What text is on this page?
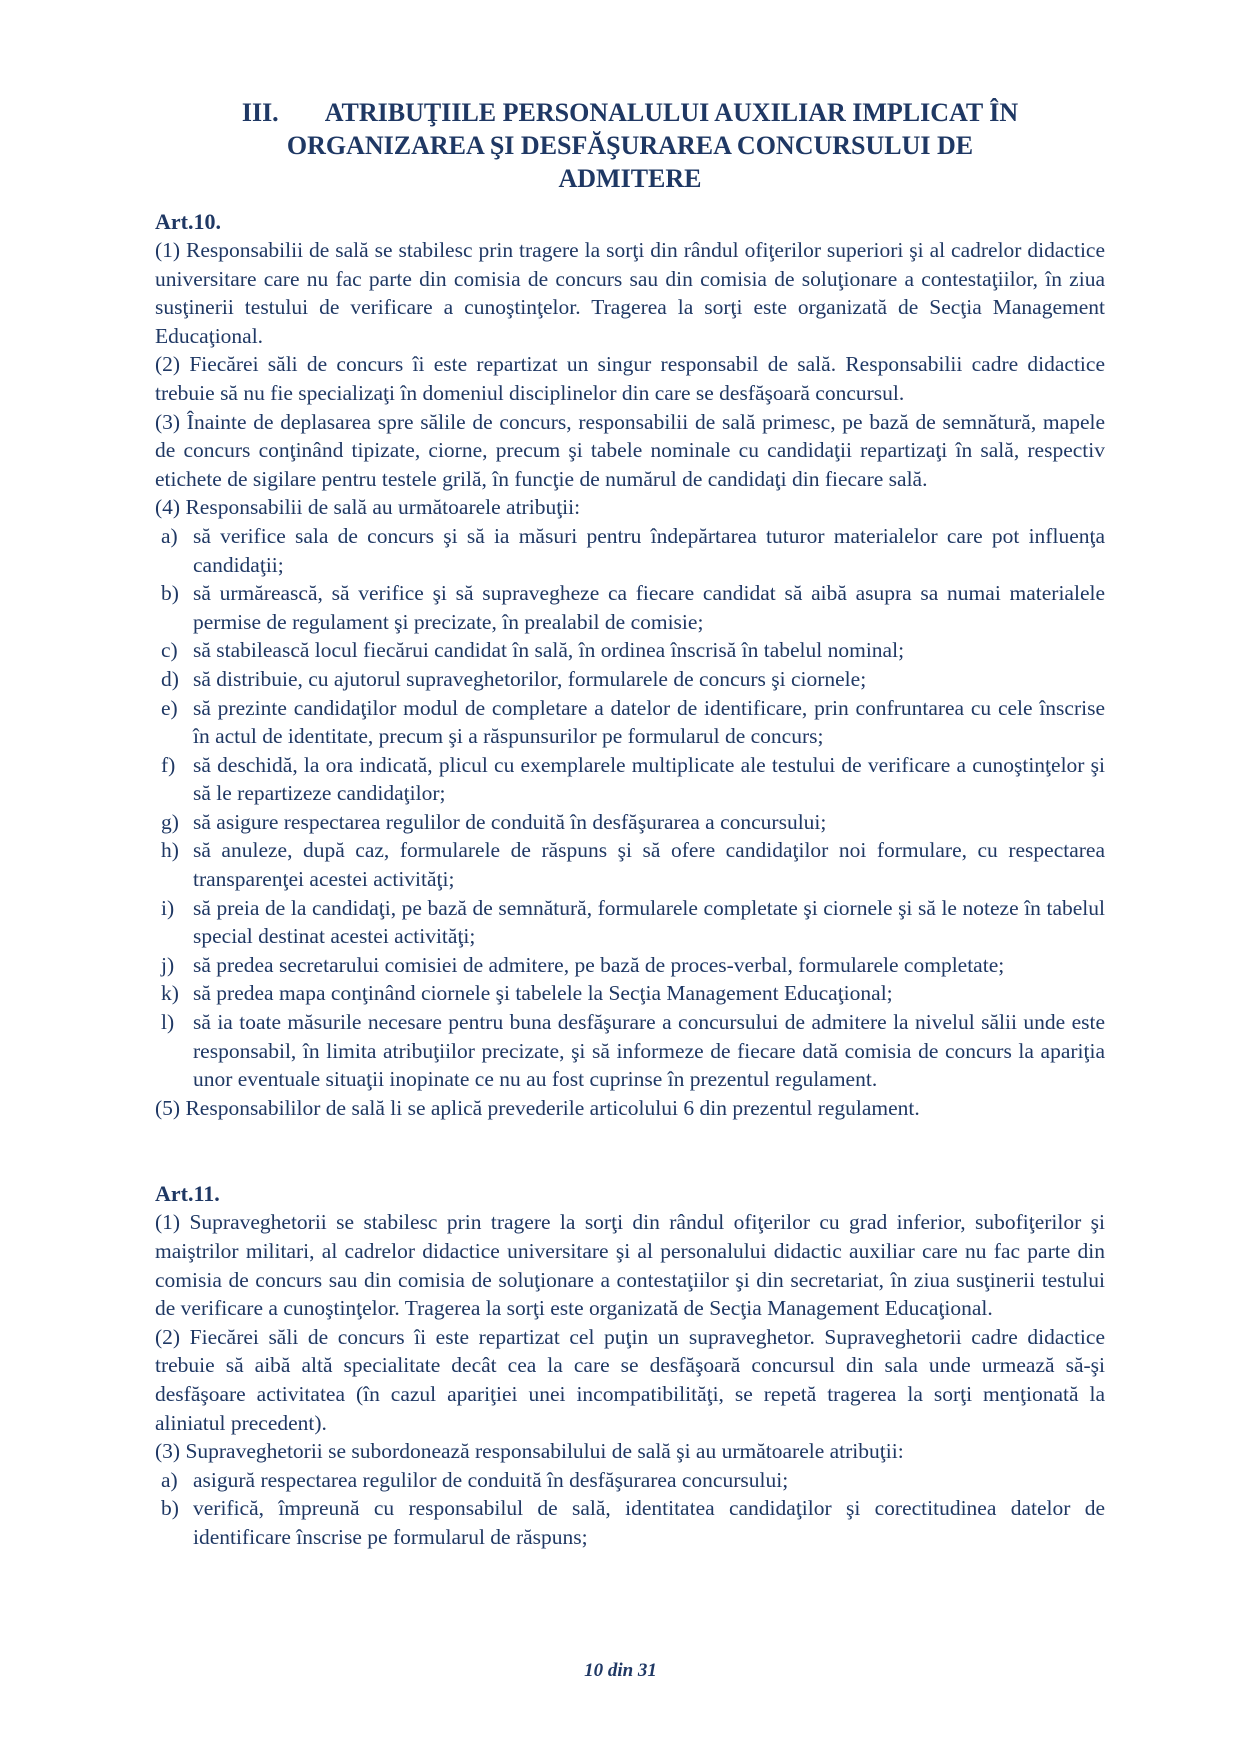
III. ATRIBUŢIILE PERSONALULUI AUXILIAR IMPLICAT ÎN
ORGANIZAREA ŞI DESFĂŞURAREA CONCURSULUI DE
ADMITERE

Art.10.

(1) Responsabilii de sală se stabilesc prin tragere la sorţi din rândul ofiţerilor superiori şi al cadrelor didactice universitare care nu fac parte din comisia de concurs sau din comisia de soluţionare a contestaţiilor, în ziua susţinerii testului de verificare a cunoştinţelor. Tragerea la sorţi este organizată de Secţia Management Educaţional.

(2) Fiecărei săli de concurs îi este repartizat un singur responsabil de sală. Responsabilii cadre didactice trebuie să nu fie specializaţi în domeniul disciplinelor din care se desfăşoară concursul.

(3) Înainte de deplasarea spre sălile de concurs, responsabilii de sală primesc, pe bază de semnătură, mapele de concurs conţinând tipizate, ciorne, precum şi tabele nominale cu candidaţii repartizaţi în sală, respectiv etichete de sigilare pentru testele grilă, în funcţie de numărul de candidaţi din fiecare sală.

(4) Responsabilii de sală au următoarele atribuţii:

a) să verifice sala de concurs şi să ia măsuri pentru îndepărtarea tuturor materialelor care pot influenţa candidaţii;
b) să urmărească, să verifice şi să supravegheze ca fiecare candidat să aibă asupra sa numai materialele permise de regulament şi precizate, în prealabil de comisie;
c) să stabilească locul fiecărui candidat în sală, în ordinea înscrisă în tabelul nominal;
d) să distribuie, cu ajutorul supraveghetorilor, formularele de concurs şi ciornele;
e) să prezinte candidaţilor modul de completare a datelor de identificare, prin confruntarea cu cele înscrise în actul de identitate, precum şi a răspunsurilor pe formularul de concurs;
f) să deschidă, la ora indicată, plicul cu exemplarele multiplicate ale testului de verificare a cunoştinţelor şi să le repartizeze candidaţilor;
g) să asigure respectarea regulilor de conduită în desfăşurarea a concursului;
h) să anuleze, după caz, formularele de răspuns şi să ofere candidaţilor noi formulare, cu respectarea transparenţei acestei activităţi;
i) să preia de la candidaţi, pe bază de semnătură, formularele completate şi ciornele şi să le noteze în tabelul special destinat acestei activităţi;
j) să predea secretarului comisiei de admitere, pe bază de proces-verbal, formularele completate;
k) să predea mapa conţinând ciornele şi tabelele la Secţia Management Educaţional;
l) să ia toate măsurile necesare pentru buna desfăşurare a concursului de admitere la nivelul sălii unde este responsabil, în limita atribuţiilor precizate, şi să informeze de fiecare dată comisia de concurs la apariţia unor eventuale situaţii inopinate ce nu au fost cuprinse în prezentul regulament.

(5) Responsabililor de sală li se aplică prevederile articolului 6 din prezentul regulament.

Art.11.

(1) Supraveghetorii se stabilesc prin tragere la sorţi din rândul ofiţerilor cu grad inferior, subofiţerilor şi maiştrilor militari, al cadrelor didactice universitare şi al personalului didactic auxiliar care nu fac parte din comisia de concurs sau din comisia de soluţionare a contestaţiilor şi din secretariat, în ziua susţinerii testului de verificare a cunoştinţelor. Tragerea la sorţi este organizată de Secţia Management Educaţional.

(2) Fiecărei săli de concurs îi este repartizat cel puţin un supraveghetor. Supraveghetorii cadre didactice trebuie să aibă altă specialitate decât cea la care se desfăşoară concursul din sala unde urmează să-şi desfăşoare activitatea (în cazul apariţiei unei incompatibilităţi, se repetă tragerea la sorţi menţionată la aliniatul precedent).

(3) Supraveghetorii se subordonează responsabilului de sală şi au următoarele atribuţii:

a) asigură respectarea regulilor de conduită în desfăşurarea concursului;
b) verifică, împreună cu responsabilul de sală, identitatea candidaţilor şi corectitudinea datelor de identificare înscrise pe formularul de răspuns;
10 din 31
